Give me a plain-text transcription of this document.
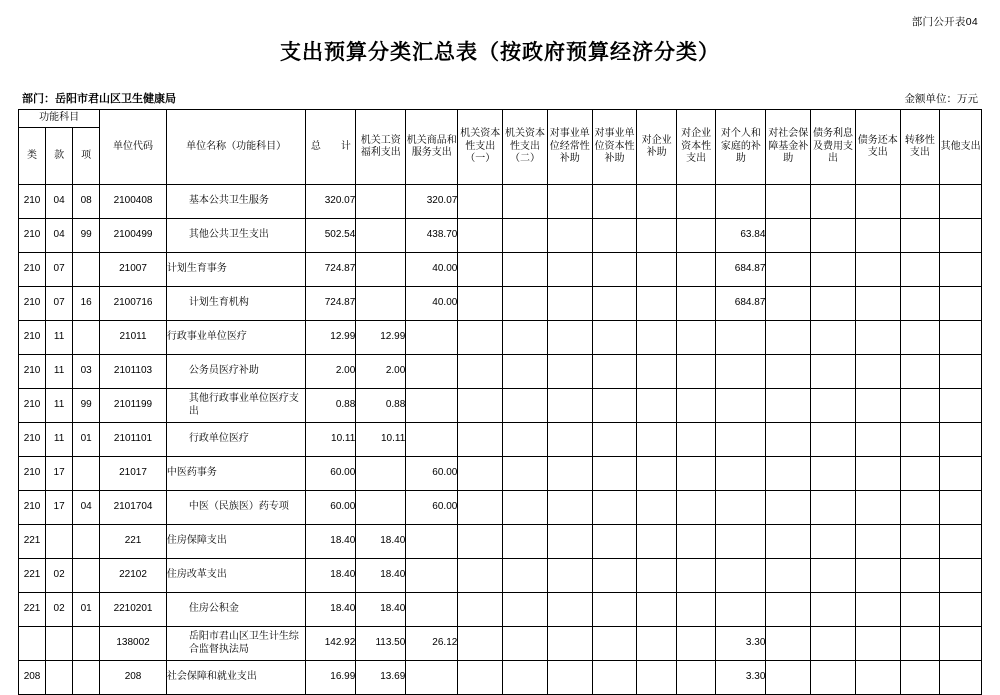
部门公开表04
支出预算分类汇总表（按政府预算经济分类）
部门：岳阳市君山区卫生健康局	金额单位：万元
功能科目			单位代码	单位名称（功能科目）	总　　计	机关工资福利支出	机关商品和服务支出	机关资本性支出（一）	机关资本性支出（二）	对事业单位经常性补助	对事业单位资本性补助	对企业补助	对企业资本性支出	对个人和家庭的补助	对社会保障基金补助	债务利息及费用支出	债务还本支出	转移性支出	其他支出

类	款	项																	
210	04	08	2100408	基本公共卫生服务	320.07		320.07												
210	04	99	2100499	其他公共卫生支出	502.54		438.70							63.84					
210	07		21007	计划生育事务	724.87		40.00							684.87					
210	07	16	2100716	计划生育机构	724.87		40.00							684.87					
210	11		21011	行政事业单位医疗	12.99	12.99													
210	11	03	2101103	公务员医疗补助	2.00	2.00													
210	11	99	2101199	其他行政事业单位医疗支出	0.88	0.88													
210	11	01	2101101	行政单位医疗	10.11	10.11													
210	17		21017	中医药事务	60.00		60.00												
210	17	04	2101704	中医（民族医）药专项	60.00		60.00												
221			221	住房保障支出	18.40	18.40													
221	02		22102	住房改革支出	18.40	18.40													
221	02	01	2210201	住房公积金	18.40	18.40													
			138002	岳阳市君山区卫生计生综合监督执法局	142.92	113.50	26.12							3.30					
208			208	社会保障和就业支出	16.99	13.69								3.30					
